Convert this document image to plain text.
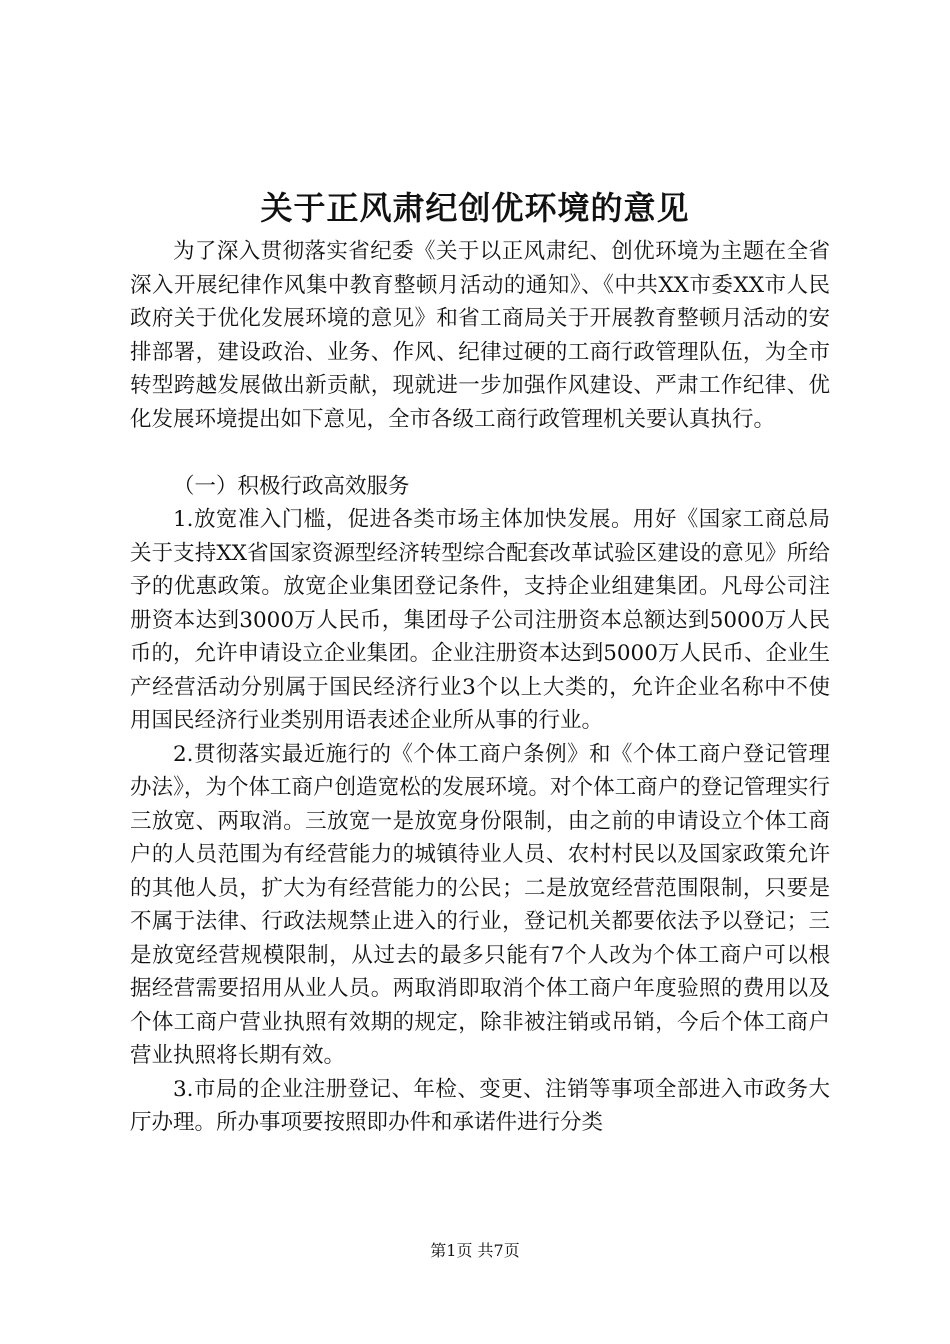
关于正风肃纪创优环境的意见

为了深入贯彻落实省纪委《关于以正风肃纪、创优环境为主题在全省深入开展纪律作风集中教育整顿月活动的通知》、《中共XX市委XX市人民政府关于优化发展环境的意见》和省工商局关于开展教育整顿月活动的安排部署，建设政治、业务、作风、纪律过硬的工商行政管理队伍，为全市转型跨越发展做出新贡献，现就进一步加强作风建设、严肃工作纪律、优化发展环境提出如下意见，全市各级工商行政管理机关要认真执行。

（一）积极行政高效服务

1.放宽准入门槛，促进各类市场主体加快发展。用好《国家工商总局关于支持XX省国家资源型经济转型综合配套改革试验区建设的意见》所给予的优惠政策。放宽企业集团登记条件，支持企业组建集团。凡母公司注册资本达到3000万人民币，集团母子公司注册资本总额达到5000万人民币的，允许申请设立企业集团。企业注册资本达到5000万人民币、企业生产经营活动分别属于国民经济行业3个以上大类的，允许企业名称中不使用国民经济行业类别用语表述企业所从事的行业。

2.贯彻落实最近施行的《个体工商户条例》和《个体工商户登记管理办法》，为个体工商户创造宽松的发展环境。对个体工商户的登记管理实行三放宽、两取消。三放宽一是放宽身份限制，由之前的申请设立个体工商户的人员范围为有经营能力的城镇待业人员、农村村民以及国家政策允许的其他人员，扩大为有经营能力的公民；二是放宽经营范围限制，只要是不属于法律、行政法规禁止进入的行业，登记机关都要依法予以登记；三是放宽经营规模限制，从过去的最多只能有7个人改为个体工商户可以根据经营需要招用从业人员。两取消即取消个体工商户年度验照的费用以及个体工商户营业执照有效期的规定，除非被注销或吊销，今后个体工商户营业执照将长期有效。

3.市局的企业注册登记、年检、变更、注销等事项全部进入市政务大厅办理。所办事项要按照即办件和承诺件进行分类

第1页 共7页
